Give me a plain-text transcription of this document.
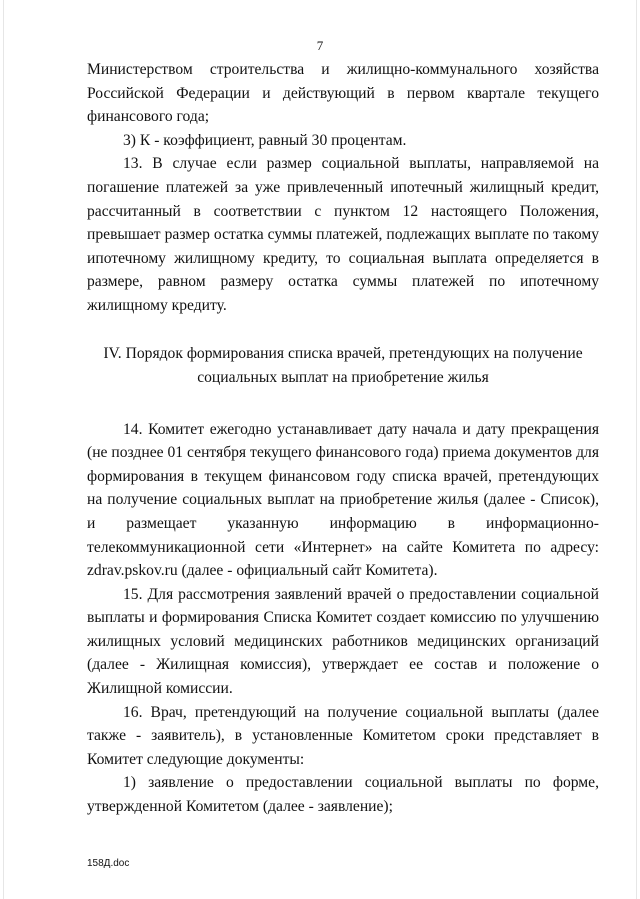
7

Министерством строительства и жилищно-коммунального хозяйства Российской Федерации и действующий в первом квартале текущего финансового года;

3) К - коэффициент, равный 30 процентам.

13. В случае если размер социальной выплаты, направляемой на погашение платежей за уже привлеченный ипотечный жилищный кредит, рассчитанный в соответствии с пунктом 12 настоящего Положения, превышает размер остатка суммы платежей, подлежащих выплате по такому ипотечному жилищному кредиту, то социальная выплата определяется в размере, равном размеру остатка суммы платежей по ипотечному жилищному кредиту.

IV. Порядок формирования списка врачей, претендующих на получение
социальных выплат на приобретение жилья

14. Комитет ежегодно устанавливает дату начала и дату прекращения (не позднее 01 сентября текущего финансового года) приема документов для формирования в текущем финансовом году списка врачей, претендующих на получение социальных выплат на приобретение жилья (далее - Список), и размещает указанную информацию в информационно-телекоммуникационной сети «Интернет» на сайте Комитета по адресу: zdrav.pskov.ru (далее - официальный сайт Комитета).

15. Для рассмотрения заявлений врачей о предоставлении социальной выплаты и формирования Списка Комитет создает комиссию по улучшению жилищных условий медицинских работников медицинских организаций (далее - Жилищная комиссия), утверждает ее состав и положение о Жилищной комиссии.

16. Врач, претендующий на получение социальной выплаты (далее также - заявитель), в установленные Комитетом сроки представляет в Комитет следующие документы:

1) заявление о предоставлении социальной выплаты по форме, утвержденной Комитетом (далее - заявление);

158Д.doc
